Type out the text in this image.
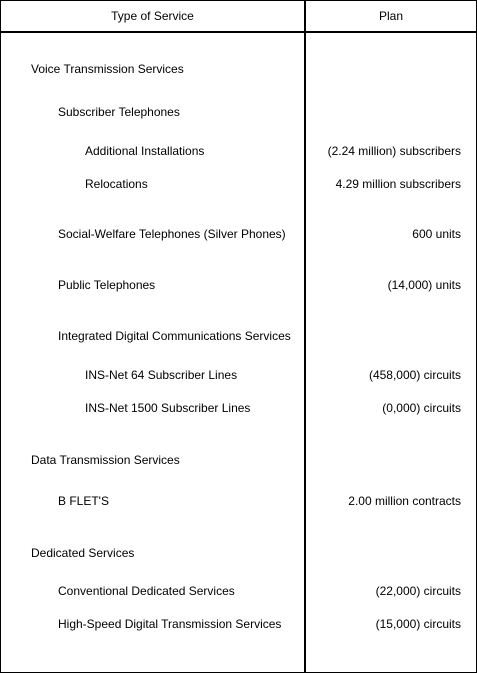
Type of Service	Plan
Voice Transmission Services
Subscriber Telephones
Additional Installations	(2.24 million) subscribers
Relocations	4.29 million subscribers
Social-Welfare Telephones (Silver Phones)	600 units
Public Telephones	(14,000) units
Integrated Digital Communications Services
INS-Net 64 Subscriber Lines	(458,000) circuits
INS-Net 1500 Subscriber Lines	(0,000) circuits
Data Transmission Services
B FLET'S	2.00 million contracts
Dedicated Services
Conventional Dedicated Services	(22,000) circuits
High-Speed Digital Transmission Services	(15,000) circuits
